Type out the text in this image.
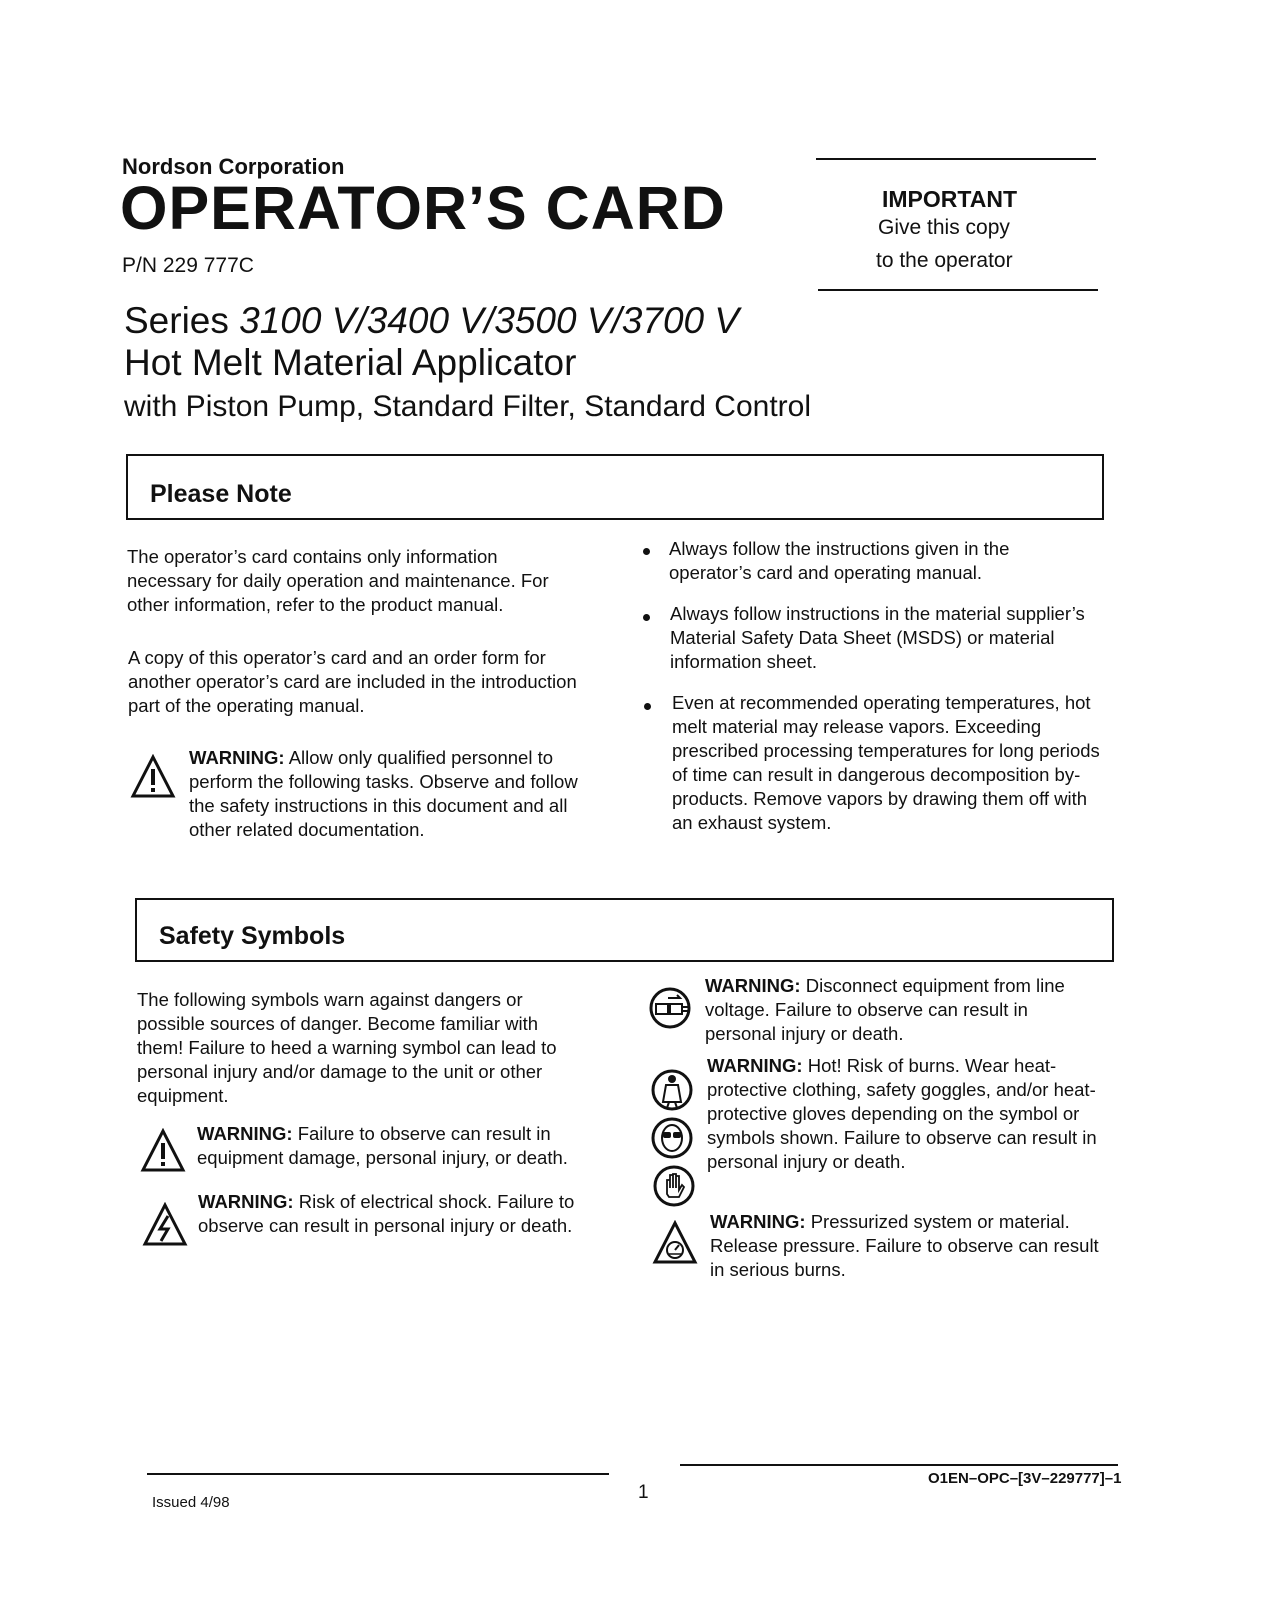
Nordson Corporation
OPERATOR’S CARD
P/N 229 777C
IMPORTANT
Give this copy
to the operator
Series 3100 V/3400 V/3500 V/3700 V
Hot Melt Material Applicator
with Piston Pump, Standard Filter, Standard Control
Please Note
The operator’s card contains only information necessary for daily operation and maintenance. For other information, refer to the product manual.
A copy of this operator’s card and an order form for another operator’s card are included in the introduction part of the operating manual.
WARNING: Allow only qualified personnel to perform the following tasks. Observe and follow the safety instructions in this document and all other related documentation.
Always follow the instructions given in the operator’s card and operating manual.
Always follow instructions in the material supplier’s Material Safety Data Sheet (MSDS) or material information sheet.
Even at recommended operating temperatures, hot melt material may release vapors. Exceeding prescribed processing temperatures for long periods of time can result in dangerous decomposition by-products. Remove vapors by drawing them off with an exhaust system.
Safety Symbols
The following symbols warn against dangers or possible sources of danger. Become familiar with them! Failure to heed a warning symbol can lead to personal injury and/or damage to the unit or other equipment.
WARNING: Failure to observe can result in equipment damage, personal injury, or death.
WARNING: Risk of electrical shock. Failure to observe can result in personal injury or death.
WARNING: Disconnect equipment from line voltage. Failure to observe can result in personal injury or death.
WARNING: Hot! Risk of burns. Wear heat-protective clothing, safety goggles, and/or heat-protective gloves depending on the symbol or symbols shown. Failure to observe can result in personal injury or death.
WARNING: Pressurized system or material. Release pressure. Failure to observe can result in serious burns.
Issued 4/98	1
O1EN–OPC–[3V–229777]–1
